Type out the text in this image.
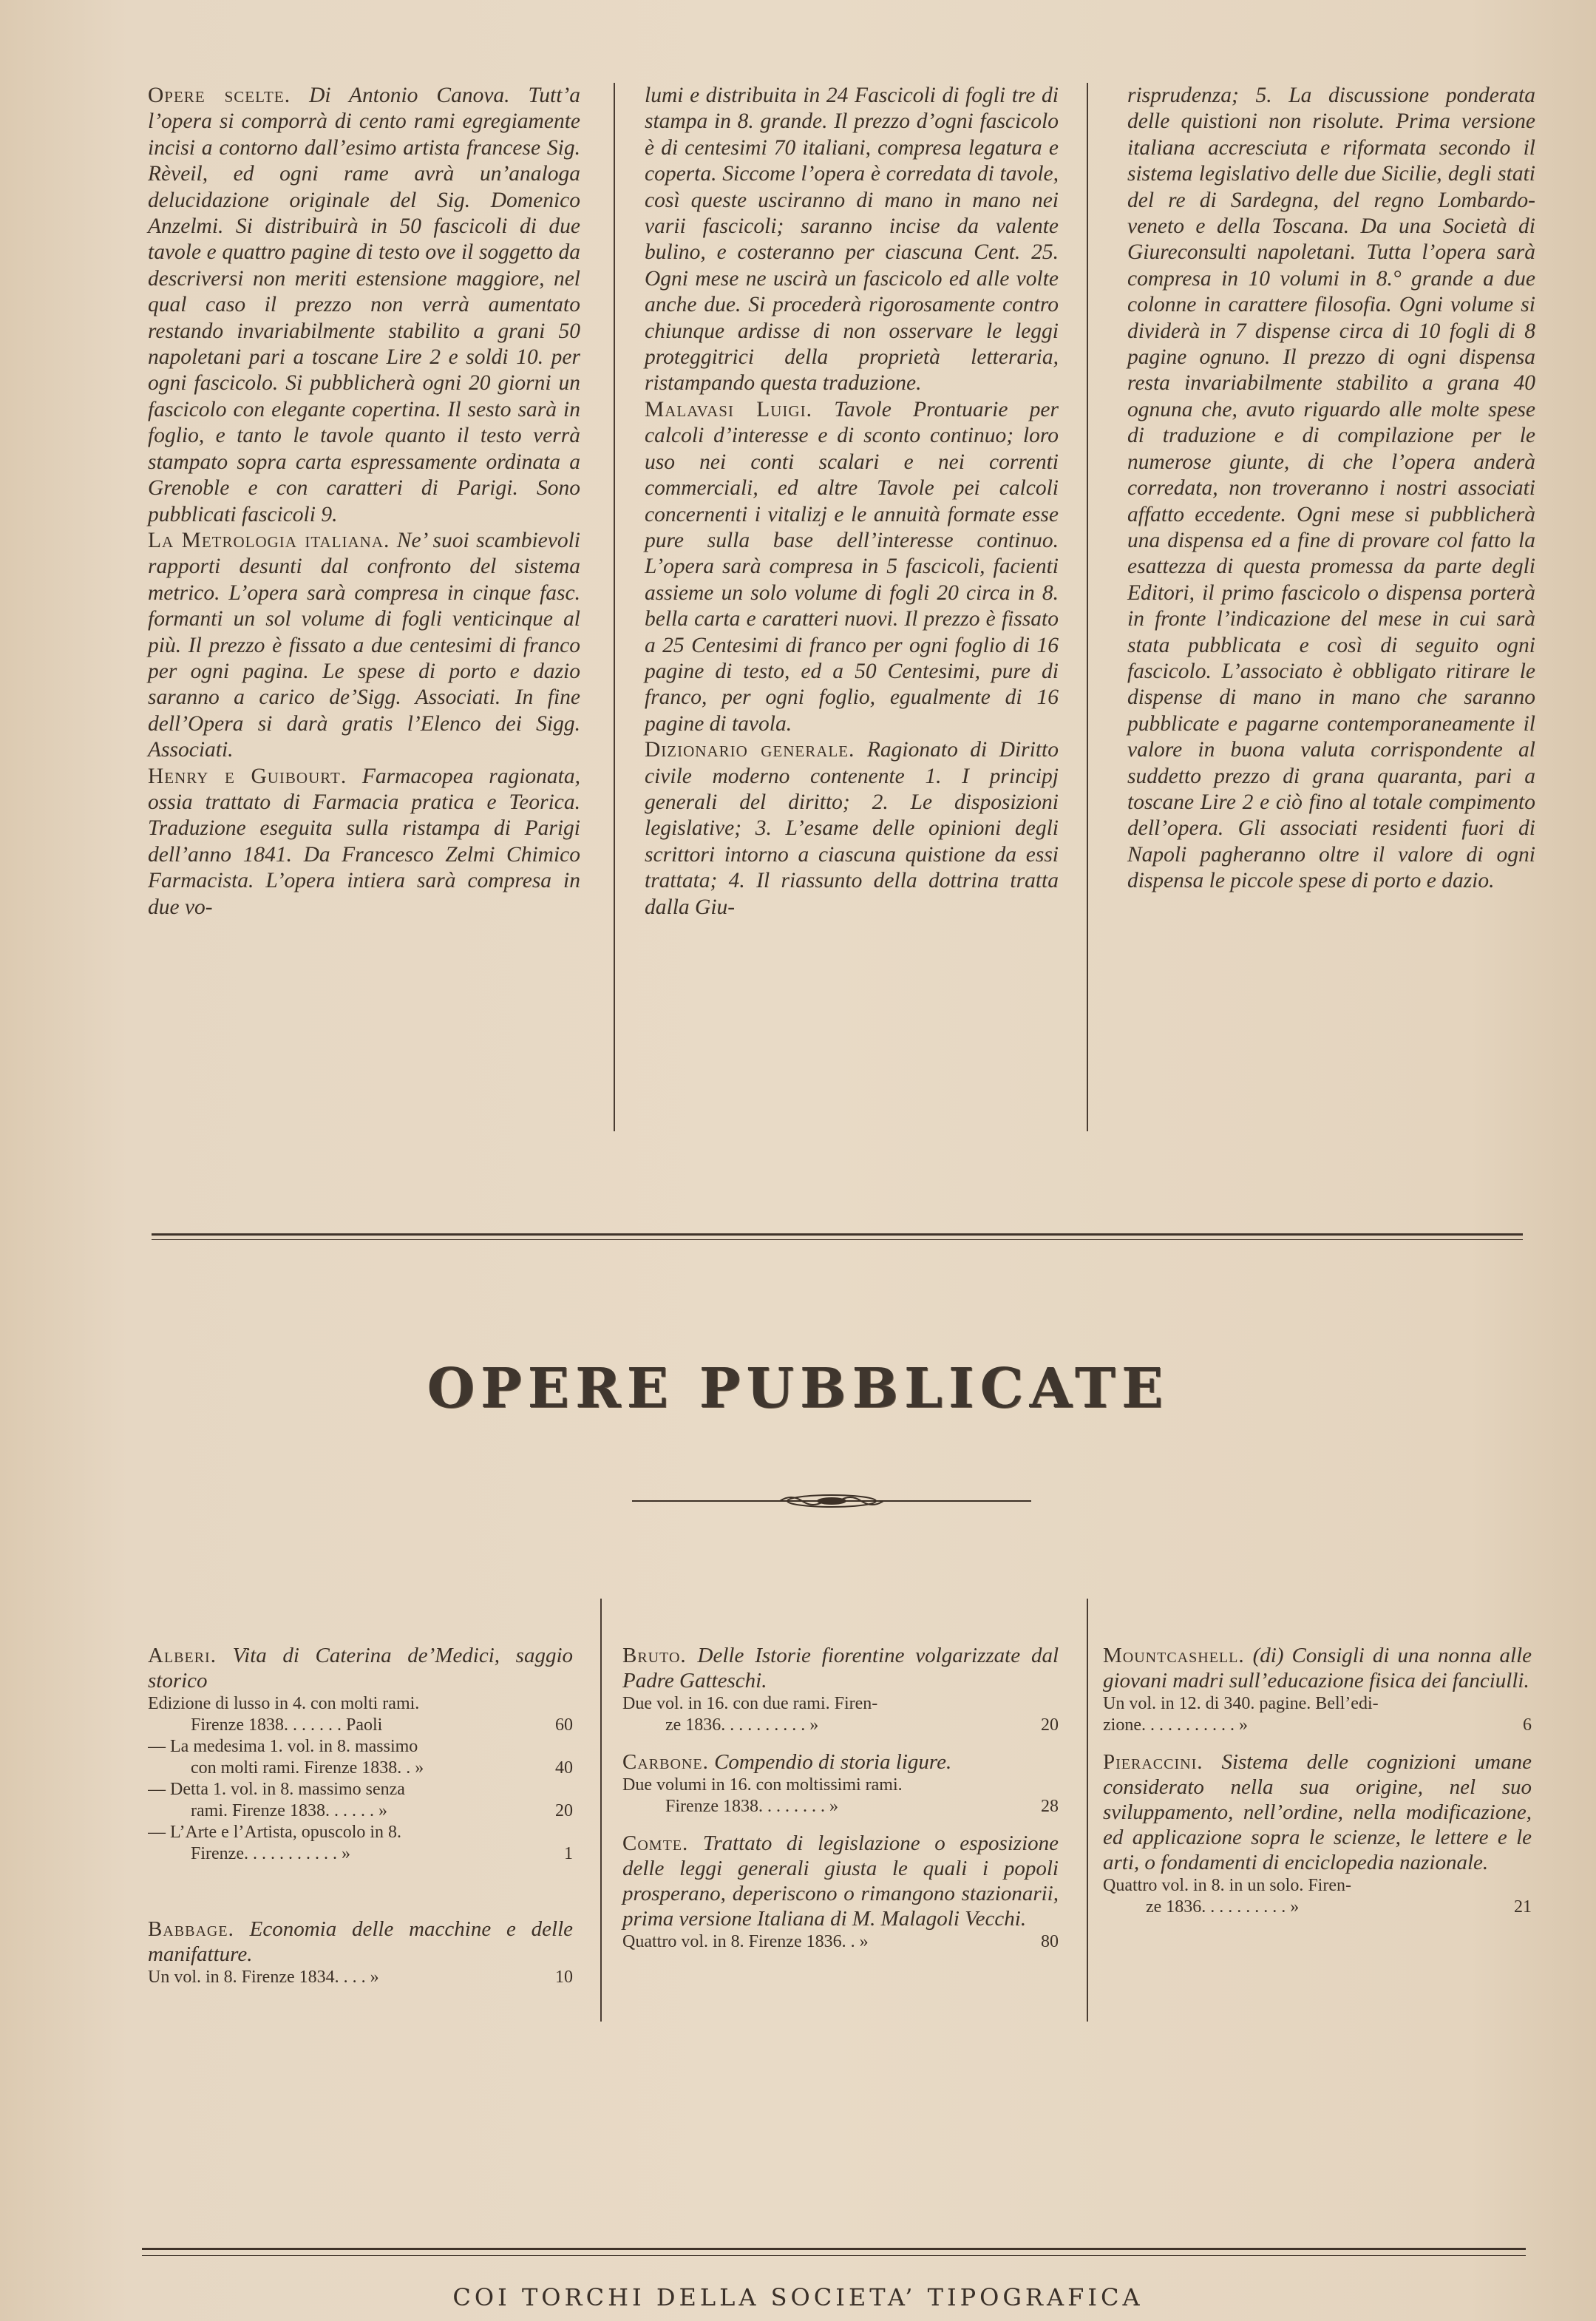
Opere scelte. Di Antonio Canova. Tutt’a l’opera si comporrà di cento rami egregiamente incisi a contorno dall’esimo artista francese Sig. Rèveil, ed ogni rame avrà un’analoga delucidazione originale del Sig. Domenico Anzelmi. Si distribuirà in 50 fascicoli di due tavole e quattro pagine di testo ove il soggetto da descriversi non meriti estensione maggiore, nel qual caso il prezzo non verrà aumentato restando invariabilmente stabilito a grani 50 napoletani pari a toscane Lire 2 e soldi 10. per ogni fascicolo. Si pubblicherà ogni 20 giorni un fascicolo con elegante copertina. Il sesto sarà in foglio, e tanto le tavole quanto il testo verrà stampato sopra carta espressamente ordinata a Grenoble e con caratteri di Parigi. Sono pubblicati fascicoli 9.
La Metrologia italiana. Ne’ suoi scambievoli rapporti desunti dal confronto del sistema metrico. L’opera sarà compresa in cinque fasc. formanti un sol volume di fogli venticinque al più. Il prezzo è fissato a due centesimi di franco per ogni pagina. Le spese di porto e dazio saranno a carico de’Sigg. Associati. In fine dell’Opera si darà gratis l’Elenco dei Sigg. Associati.
Henry e Guibourt. Farmacopea ragionata, ossia trattato di Farmacia pratica e Teorica. Traduzione eseguita sulla ristampa di Parigi dell’anno 1841. Da Francesco Zelmi Chimico Farmacista. L’opera intiera sarà compresa in due vo-
lumi e distribuita in 24 Fascicoli di fogli tre di stampa in 8. grande. Il prezzo d’ogni fascicolo è di centesimi 70 italiani, compresa legatura e coperta. Siccome l’opera è corredata di tavole, così queste usciranno di mano in mano nei varii fascicoli; saranno incise da valente bulino, e costeranno per ciascuna Cent. 25. Ogni mese ne uscirà un fascicolo ed alle volte anche due. Si procederà rigorosamente contro chiunque ardisse di non osservare le leggi proteggitrici della proprietà letteraria, ristampando questa traduzione.
Malavasi Luigi. Tavole Prontuarie per calcoli d’interesse e di sconto continuo; loro uso nei conti scalari e nei correnti commerciali, ed altre Tavole pei calcoli concernenti i vitalizj e le annuità formate esse pure sulla base dell’interesse continuo. L’opera sarà compresa in 5 fascicoli, facienti assieme un solo volume di fogli 20 circa in 8. bella carta e caratteri nuovi. Il prezzo è fissato a 25 Centesimi di franco per ogni foglio di 16 pagine di testo, ed a 50 Centesimi, pure di franco, per ogni foglio, egualmente di 16 pagine di tavola.
Dizionario generale. Ragionato di Diritto civile moderno contenente 1. I principj generali del diritto; 2. Le disposizioni legislative; 3. L’esame delle opinioni degli scrittori intorno a ciascuna quistione da essi trattata; 4. Il riassunto della dottrina tratta dalla Giu-
risprudenza; 5. La discussione ponderata delle quistioni non risolute. Prima versione italiana accresciuta e riformata secondo il sistema legislativo delle due Sicilie, degli stati del re di Sardegna, del regno Lombardo-veneto e della Toscana. Da una Società di Giureconsulti napoletani. Tutta l’opera sarà compresa in 10 volumi in 8.° grande a due colonne in carattere filosofia. Ogni volume si dividerà in 7 dispense circa di 10 fogli di 8 pagine ognuno. Il prezzo di ogni dispensa resta invariabilmente stabilito a grana 40 ognuna che, avuto riguardo alle molte spese di traduzione e di compilazione per le numerose giunte, di che l’opera anderà corredata, non troveranno i nostri associati affatto eccedente. Ogni mese si pubblicherà una dispensa ed a fine di provare col fatto la esattezza di questa promessa da parte degli Editori, il primo fascicolo o dispensa porterà in fronte l’indicazione del mese in cui sarà stata pubblicata e così di seguito ogni fascicolo. L’associato è obbligato ritirare le dispense di mano in mano che saranno pubblicate e pagarne contemporaneamente il valore in buona valuta corrispondente al suddetto prezzo di grana quaranta, pari a toscane Lire 2 e ciò fino al totale compimento dell’opera. Gli associati residenti fuori di Napoli pagheranno oltre il valore di ogni dispensa le piccole spese di porto e dazio.
OPERE PUBBLICATE
Alberi. Vita di Caterina de’Medici, saggio storico
Edizione di lusso in 4. con molti rami.
Firenze 1838. . . . . . . Paoli	60
— La medesima 1. vol. in 8. massimo
con molti rami. Firenze 1838. . »	40
— Detta 1. vol. in 8. massimo senza
rami. Firenze 1838. . . . . . »	20
— L’Arte e l’Artista, opuscolo in 8.
Firenze. . . . . . . . . . . »	1
Babbage. Economia delle macchine e delle manifatture.
Un vol. in 8. Firenze 1834. . . . »	10
Bruto. Delle Istorie fiorentine volgarizzate dal Padre Gatteschi.
Due vol. in 16. con due rami. Firen-
ze 1836. . . . . . . . . . »	20
Carbone. Compendio di storia ligure.
Due volumi in 16. con moltissimi rami.
Firenze 1838. . . . . . . . »	28
Comte. Trattato di legislazione o esposizione delle leggi generali giusta le quali i popoli prosperano, deperiscono o rimangono stazionarii, prima versione Italiana di M. Malagoli Vecchi.
Quattro vol. in 8. Firenze 1836. . »	80
Mountcashell. (di) Consigli di una nonna alle giovani madri sull’educazione fisica dei fanciulli.
Un vol. in 12. di 340. pagine. Bell’edi-
zione. . . . . . . . . . . »	6
Pieraccini. Sistema delle cognizioni umane considerato nella sua origine, nel suo sviluppamento, nell’ordine, nella modificazione, ed applicazione sopra le scienze, le lettere e le arti, o fondamenti di enciclopedia nazionale.
Quattro vol. in 8. in un solo. Firen-
ze 1836. . . . . . . . . . »	21
COI TORCHI DELLA SOCIETA’ TIPOGRAFICA
